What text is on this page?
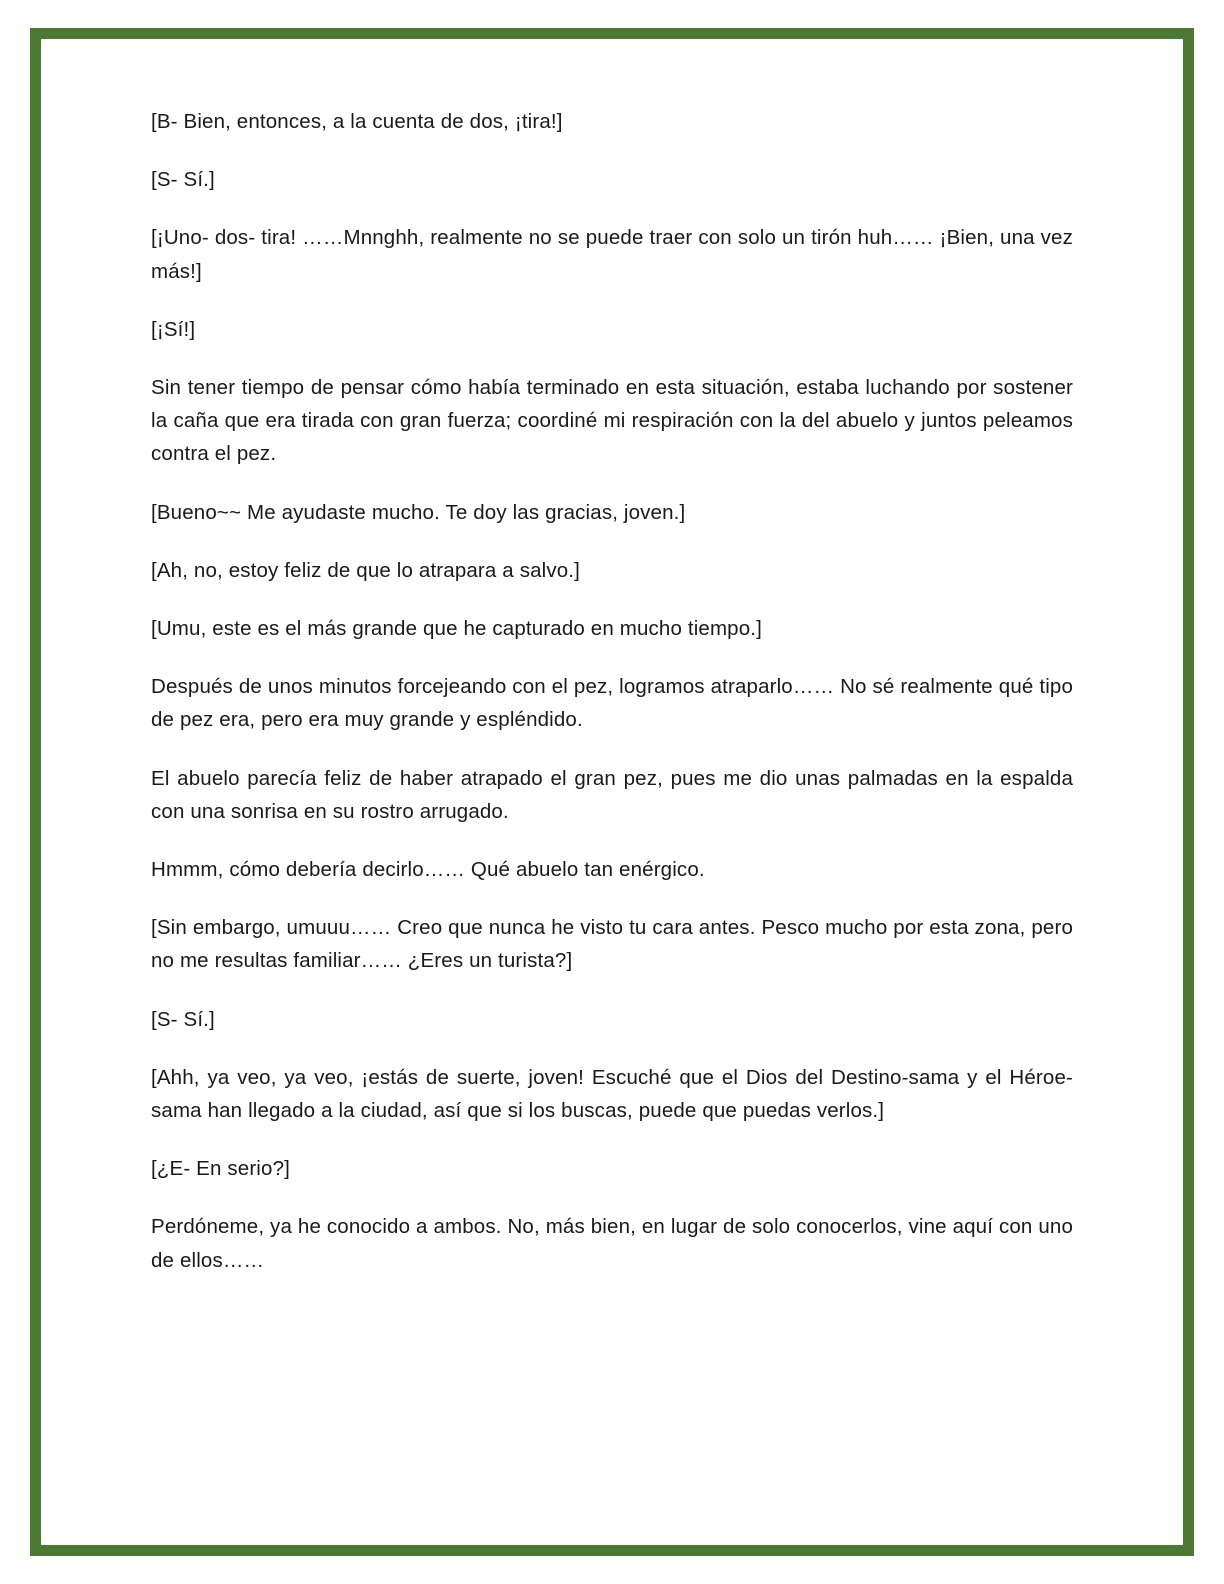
[B- Bien, entonces, a la cuenta de dos, ¡tira!]

[S- Sí.]

[¡Uno- dos- tira! ……Mnnghh, realmente no se puede traer con solo un tirón huh…… ¡Bien, una vez más!]

[¡Sí!]

Sin tener tiempo de pensar cómo había terminado en esta situación, estaba luchando por sostener la caña que era tirada con gran fuerza; coordiné mi respiración con la del abuelo y juntos peleamos contra el pez.

[Bueno~~ Me ayudaste mucho. Te doy las gracias, joven.]

[Ah, no, estoy feliz de que lo atrapara a salvo.]

[Umu, este es el más grande que he capturado en mucho tiempo.]

Después de unos minutos forcejeando con el pez, logramos atraparlo…… No sé realmente qué tipo de pez era, pero era muy grande y espléndido.

El abuelo parecía feliz de haber atrapado el gran pez, pues me dio unas palmadas en la espalda con una sonrisa en su rostro arrugado.

Hmmm, cómo debería decirlo…… Qué abuelo tan enérgico.

[Sin embargo, umuuu…… Creo que nunca he visto tu cara antes. Pesco mucho por esta zona, pero no me resultas familiar…… ¿Eres un turista?]

[S- Sí.]

[Ahh, ya veo, ya veo, ¡estás de suerte, joven! Escuché que el Dios del Destino-sama y el Héroe-sama han llegado a la ciudad, así que si los buscas, puede que puedas verlos.]

[¿E- En serio?]

Perdóneme, ya he conocido a ambos. No, más bien, en lugar de solo conocerlos, vine aquí con uno de ellos……
